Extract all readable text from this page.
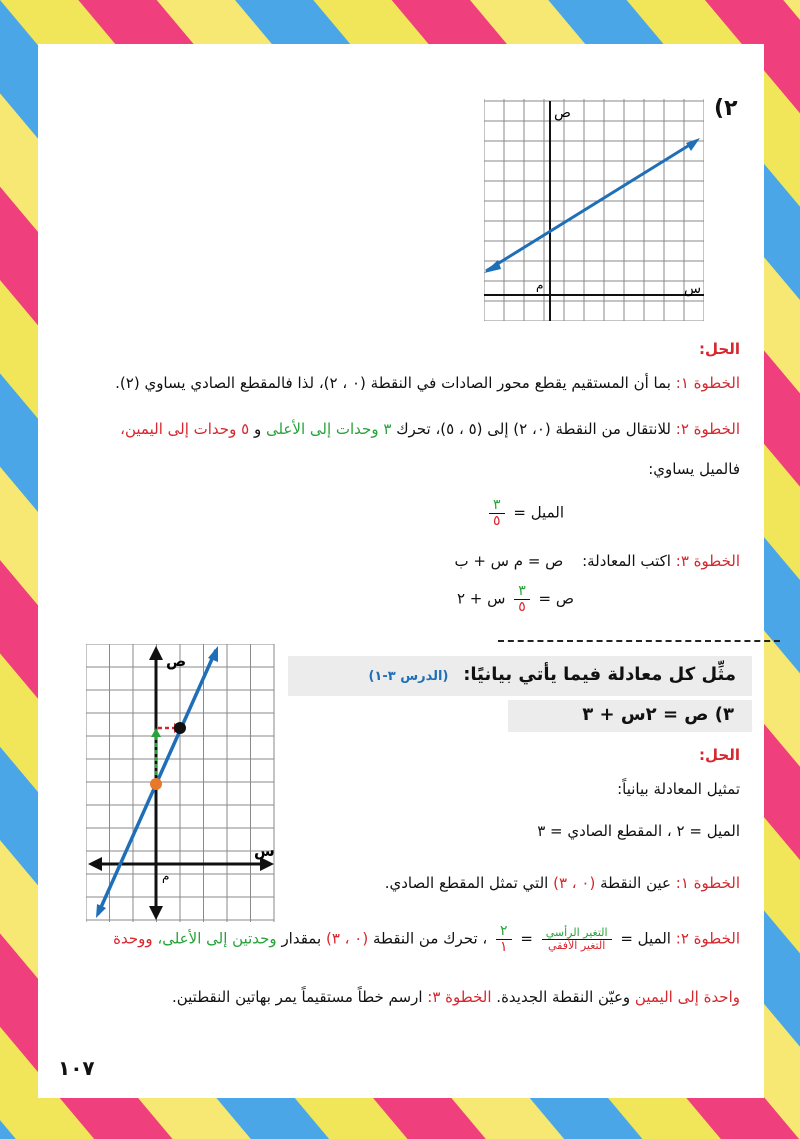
ص
س
م
(٢
الحل:
الخطوة ١: بما أن المستقيم يقطع محور الصادات في النقطة (٠ ، ٢)، لذا فالمقطع الصادي يساوي (٢).
الخطوة ٢: للانتقال من النقطة (٠، ٢) إلى (٥ ، ٥)، تحرك ٣ وحدات إلى الأعلى و ٥ وحدات إلى اليمين،
فالميل يساوي:
الميل =
$\frac{٣}{٥}$
الخطوة ٣: اكتب المعادلة: ص = م س + ب
ص =
$\frac{٣}{٥}$
س + ٢
مثِّل كل معادلة فيما يأتي بيانيًا: (الدرس ٣-١)
٣) ص = ٢س + ٣
ص
س
م
الحل:
تمثيل المعادلة بيانياً:
الميل = ٢ ، المقطع الصادي = ٣
الخطوة ١: عين النقطة (٠ ، ٣) التي تمثل المقطع الصادي.
الخطوة ٢: الميل =
$\frac{\text{التغير الرأسي}}{\text{التغير الأفقي}}$
=
$\frac{٢}{١}$
، تحرك من النقطة (٠ ، ٣) بمقدار وحدتين إلى الأعلى، ووحدة
واحدة إلى اليمين وعيّن النقطة الجديدة. الخطوة ٣: ارسم خطاً مستقيماً يمر بهاتين النقطتين.
١٠٧
